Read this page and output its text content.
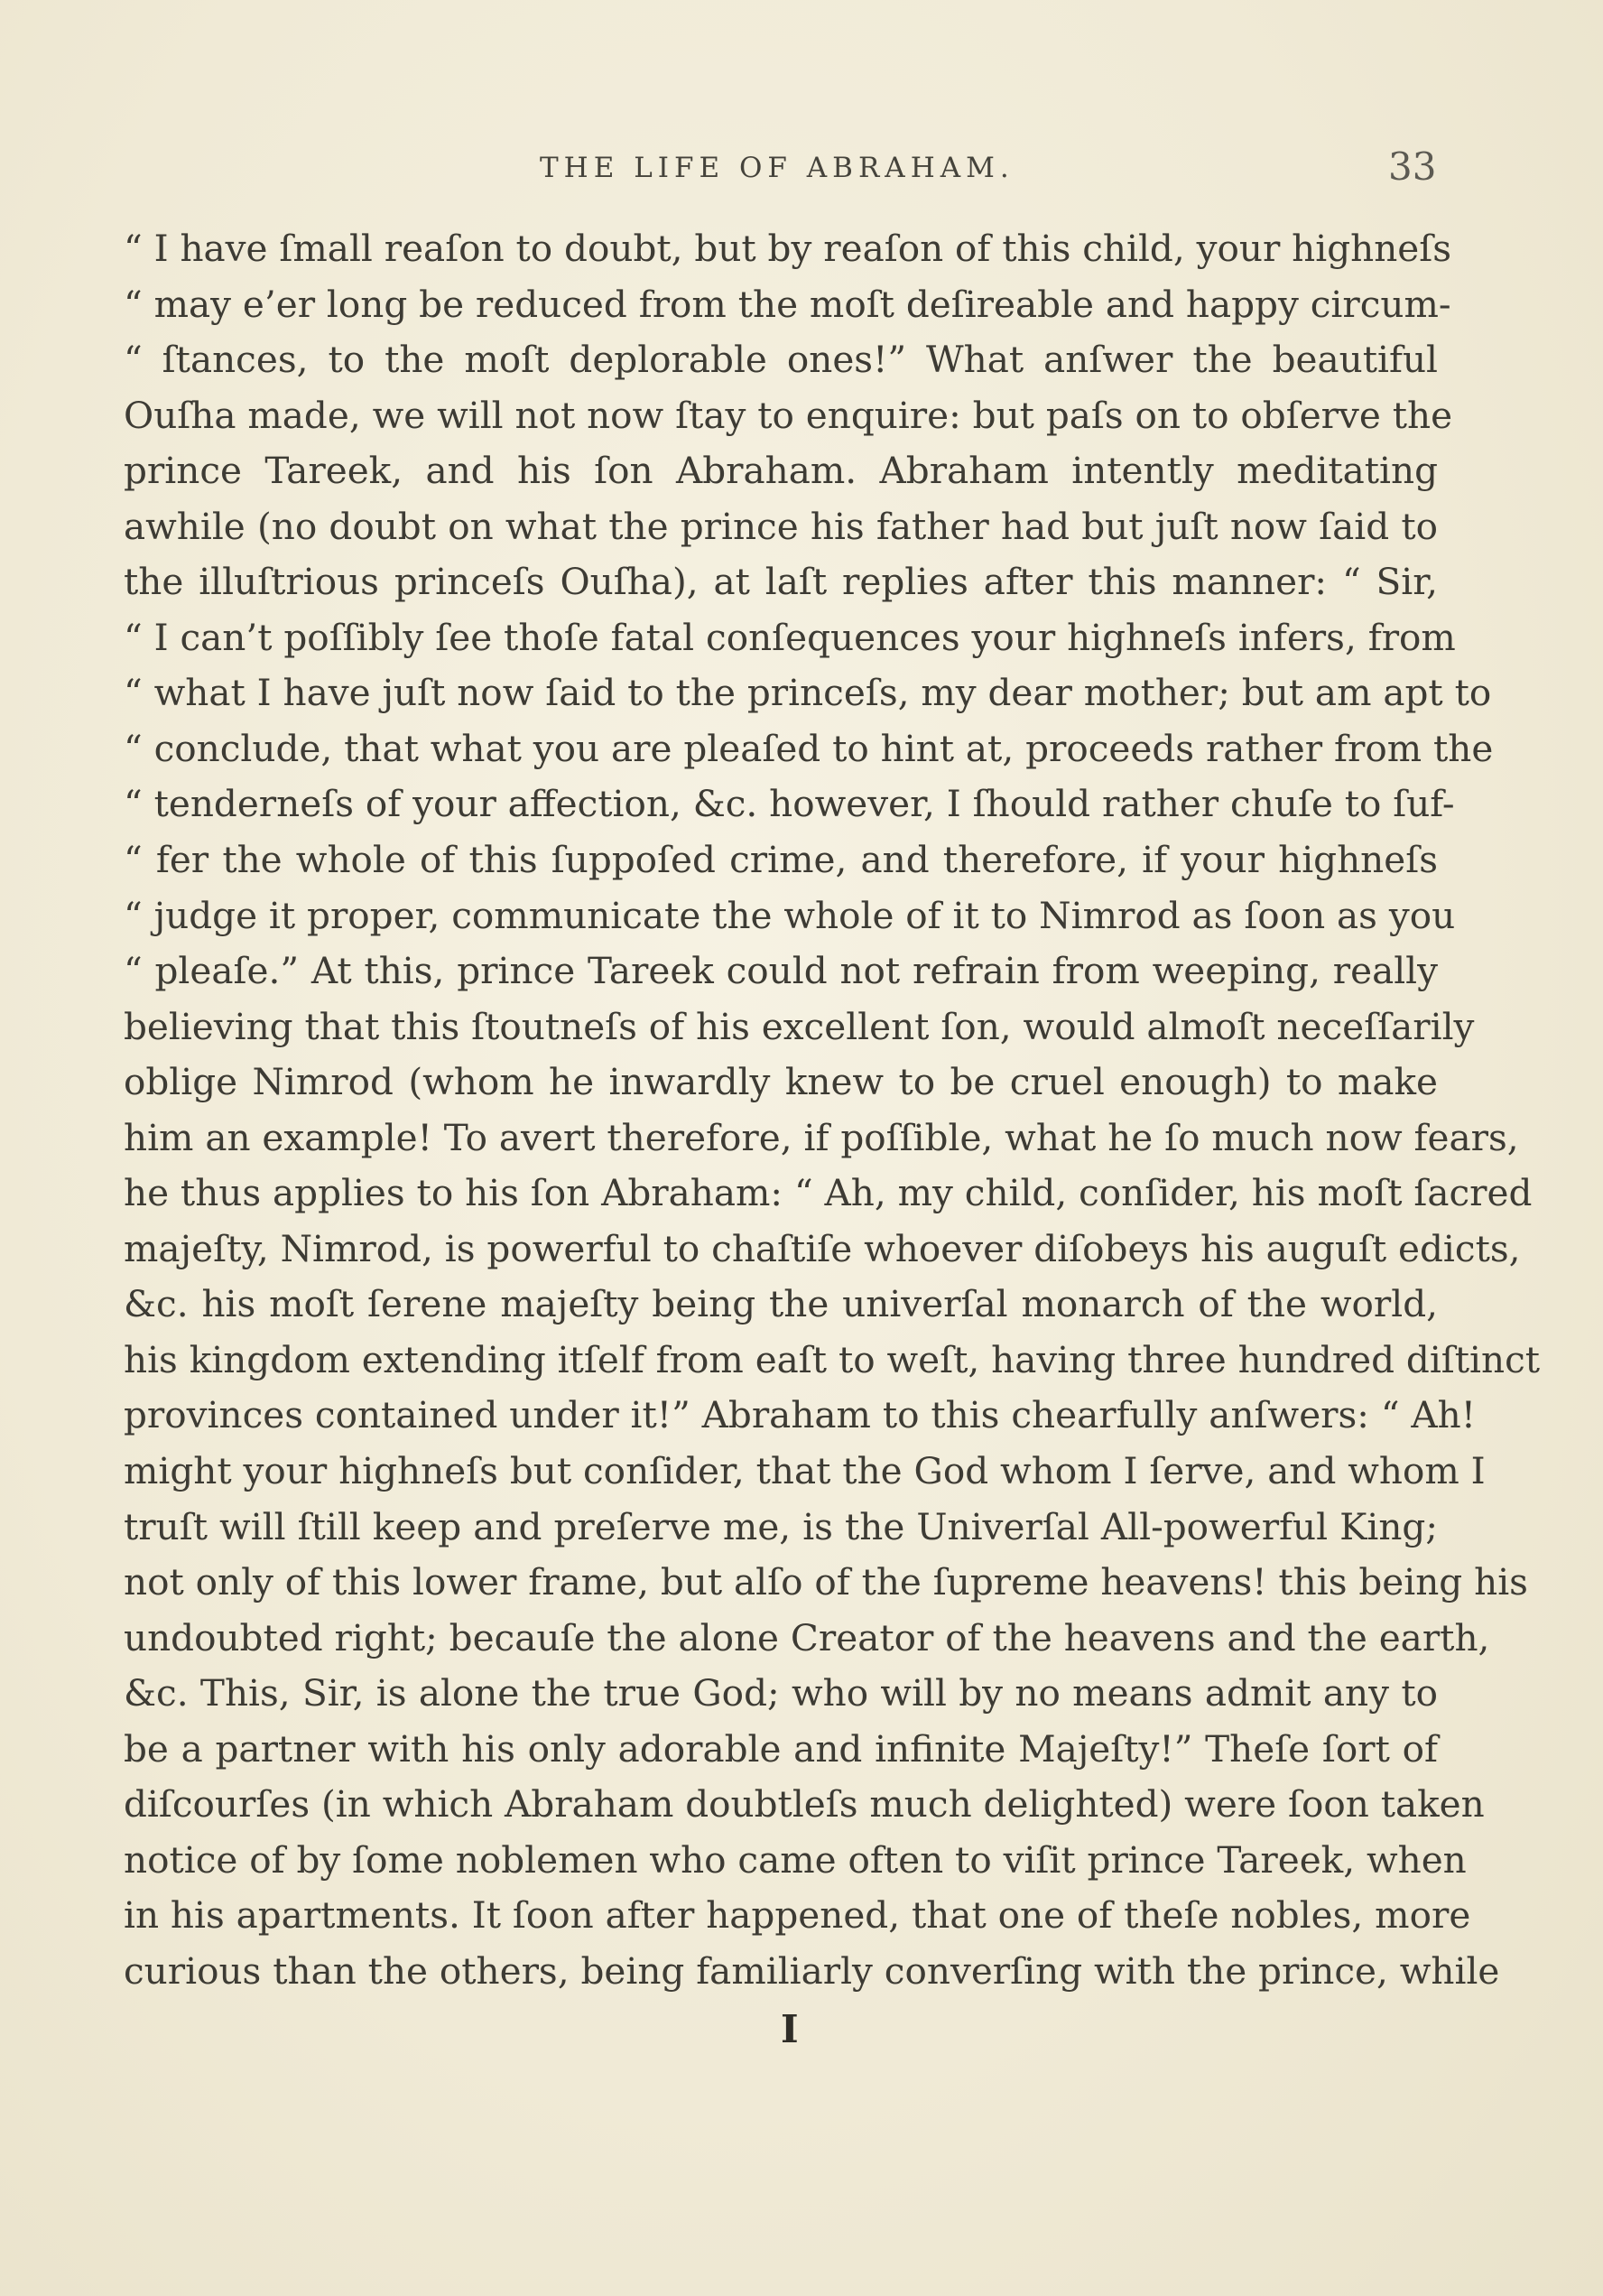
THE LIFE OF ABRAHAM.	33
“ I have ſmall reaſon to doubt, but by reaſon of this child, your highneſs
“ may e’er long be reduced from the moſt deſireable and happy circum-
“ ſtances, to the moſt deplorable ones!” What anſwer the beautiful
Ouſha made, we will not now ſtay to enquire: but paſs on to obſerve the
prince Tareek, and his ſon Abraham. Abraham intently meditating
awhile (no doubt on what the prince his father had but juſt now ſaid to
the illuſtrious princeſs Ouſha), at laſt replies after this manner: “ Sir,
“ I can’t poſſibly ſee thoſe fatal conſequences your highneſs infers, from
“ what I have juſt now ſaid to the princeſs, my dear mother; but am apt to
“ conclude, that what you are pleaſed to hint at, proceeds rather from the
“ tenderneſs of your affection, &c. however, I ſhould rather chuſe to ſuf-
“ fer the whole of this ſuppoſed crime, and therefore, if your highneſs
“ judge it proper, communicate the whole of it to Nimrod as ſoon as you
“ pleaſe.” At this, prince Tareek could not refrain from weeping, really
believing that this ſtoutneſs of his excellent ſon, would almoſt neceſſarily
oblige Nimrod (whom he inwardly knew to be cruel enough) to make
him an example! To avert therefore, if poſſible, what he ſo much now fears,
he thus applies to his ſon Abraham: “ Ah, my child, conſider, his moſt ſacred
majeſty, Nimrod, is powerful to chaſtiſe whoever diſobeys his auguſt edicts,
&c. his moſt ſerene majeſty being the univerſal monarch of the world,
his kingdom extending itſelf from eaſt to weſt, having three hundred diſtinct
provinces contained under it!” Abraham to this chearfully anſwers: “ Ah!
might your highneſs but conſider, that the God whom I ſerve, and whom I
truſt will ſtill keep and preſerve me, is the Univerſal All-powerful King;
not only of this lower frame, but alſo of the ſupreme heavens! this being his
undoubted right; becauſe the alone Creator of the heavens and the earth,
&c. This, Sir, is alone the true God; who will by no means admit any to
be a partner with his only adorable and infinite Majeſty!” Theſe ſort of
diſcourſes (in which Abraham doubtleſs much delighted) were ſoon taken
notice of by ſome noblemen who came often to viſit prince Tareek, when
in his apartments. It ſoon after happened, that one of theſe nobles, more
curious than the others, being familiarly converſing with the prince, while
I
